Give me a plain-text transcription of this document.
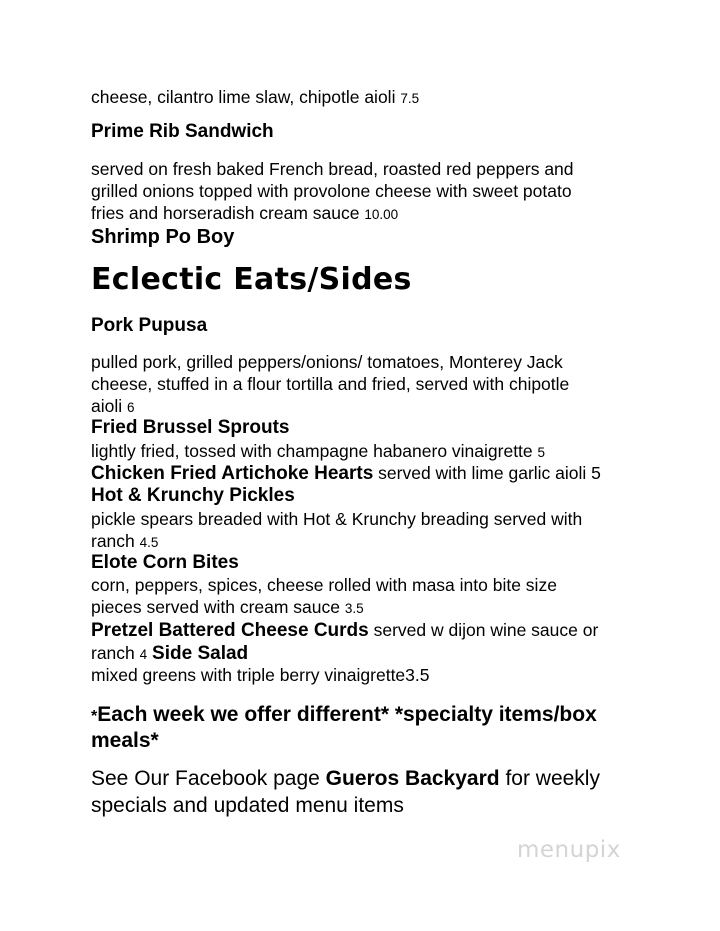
cheese, cilantro lime slaw, chipotle aioli 7.5
Prime Rib Sandwich
served on fresh baked French bread, roasted red peppers and
grilled onions topped with provolone cheese with sweet potato
fries and horseradish cream sauce 10.00
Shrimp Po Boy
Eclectic Eats/Sides
Pork Pupusa
pulled pork, grilled peppers/onions/ tomatoes, Monterey Jack
cheese, stuffed in a flour tortilla and fried, served with chipotle
aioli 6
Fried Brussel Sprouts
lightly fried, tossed with champagne habanero vinaigrette 5
Chicken Fried Artichoke Hearts served with lime garlic aioli 5
Hot & Krunchy Pickles
pickle spears breaded with Hot & Krunchy breading served with
ranch 4.5
Elote Corn Bites
corn, peppers, spices, cheese rolled with masa into bite size
pieces served with cream sauce 3.5
Pretzel Battered Cheese Curds served w dijon wine sauce or
ranch 4 Side Salad
mixed greens with triple berry vinaigrette3.5
*Each week we offer different* *specialty items/box
meals*
See Our Facebook page Gueros Backyard for weekly
specials and updated menu items
menupix
